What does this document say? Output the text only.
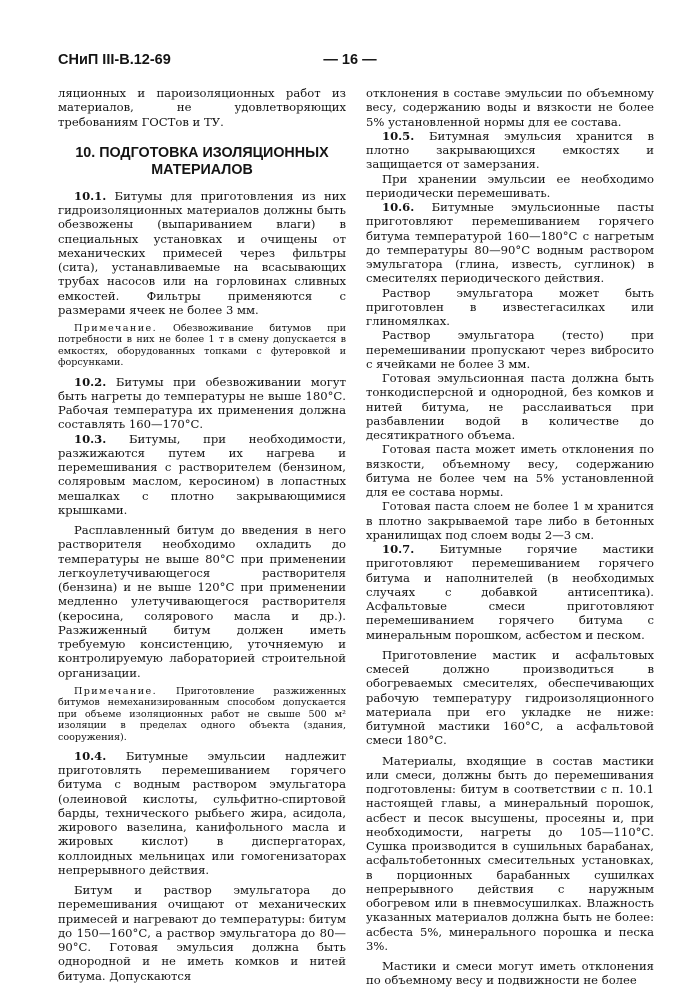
СНиП III-В.12-69	— 16 —

ляционных и пароизоляционных работ из материалов, не удовлетворяющих требованиям ГОСТов и ТУ.

10. ПОДГОТОВКА ИЗОЛЯЦИОННЫХ МАТЕРИАЛОВ

10.1. Битумы для приготовления из них гидроизоляционных материалов должны быть обезвожены (выпариванием влаги) в специальных установках и очищены от механических примесей через фильтры (сита), устанавливаемые на всасывающих трубах насосов или на горловинах сливных емкостей. Фильтры применяются с размерами ячеек не более 3 мм.

Примечание. Обезвоживание битумов при потребности в них не более 1 т в смену допускается в емкостях, оборудованных топками с футеровкой и форсунками.

10.2. Битумы при обезвоживании могут быть нагреты до температуры не выше 180°С. Рабочая температура их применения должна составлять 160—170°С.

10.3. Битумы, при необходимости, разжижаются путем их нагрева и перемешивания с растворителем (бензином, соляровым маслом, керосином) в лопастных мешалках с плотно закрывающимися крышками.

Расплавленный битум до введения в него растворителя необходимо охладить до температуры не выше 80°С при применении легкоулетучивающегося растворителя (бензина) и не выше 120°С при применении медленно улетучивающегося растворителя (керосина, солярового масла и др.). Разжиженный битум должен иметь требуемую консистенцию, уточняемую и контролируемую лабораторией строительной организации.

Примечание. Приготовление разжиженных битумов немеханизированным способом допускается при объеме изоляционных работ не свыше 500 м² изоляции в пределах одного объекта (здания, сооружения).

10.4. Битумные эмульсии надлежит приготовлять перемешиванием горячего битума с водным раствором эмульгатора (олеиновой кислоты, сульфитно-спиртовой барды, технического рыбьего жира, асидола, жирового вазелина, канифольного масла и жировых кислот) в диспергаторах, коллоидных мельницах или гомогенизаторах непрерывного действия.

Битум и раствор эмульгатора до перемешивания очищают от механических примесей и нагревают до температуры: битум до 150—160°С, а раствор эмульгатора до 80—90°С. Готовая эмульсия должна быть однородной и не иметь комков и нитей битума. Допускаются

отклонения в составе эмульсии по объемному весу, содержанию воды и вязкости не более 5% установленной нормы для ее состава.

10.5. Битумная эмульсия хранится в плотно закрывающихся емкостях и защищается от замерзания.

При хранении эмульсии ее необходимо периодически перемешивать.

10.6. Битумные эмульсионные пасты приготовляют перемешиванием горячего битума температурой 160—180°С с нагретым до температуры 80—90°С водным раствором эмульгатора (глина, известь, суглинок) в смесителях периодического действия.

Раствор эмульгатора может быть приготовлен в известегасилках или глиномялках.

Раствор эмульгатора (тесто) при перемешивании пропускают через вибросито с ячейками не более 3 мм.

Готовая эмульсионная паста должна быть тонкодисперсной и однородной, без комков и нитей битума, не расслаиваться при разбавлении водой в количестве до десятикратного объема.

Готовая паста может иметь отклонения по вязкости, объемному весу, содержанию битума не более чем на 5% установленной для ее состава нормы.

Готовая паста слоем не более 1 м хранится в плотно закрываемой таре либо в бетонных хранилищах под слоем воды 2—3 см.

10.7. Битумные горячие мастики приготовляют перемешиванием горячего битума и наполнителей (в необходимых случаях с добавкой антисептика). Асфальтовые смеси приготовляют перемешиванием горячего битума с минеральным порошком, асбестом и песком.

Приготовление мастик и асфальтовых смесей должно производиться в обогреваемых смесителях, обеспечивающих рабочую температуру гидроизоляционного материала при его укладке не ниже: битумной мастики 160°С, а асфальтовой смеси 180°С.

Материалы, входящие в состав мастики или смеси, должны быть до перемешивания подготовлены: битум в соответствии с п. 10.1 настоящей главы, а минеральный порошок, асбест и песок высушены, просеяны и, при необходимости, нагреты до 105—110°С. Сушка производится в сушильных барабанах, асфальтобетонных смесительных установках, в порционных барабанных сушилках непрерывного действия с наружным обогревом или в пневмосушилках. Влажность указанных материалов должна быть не более: асбеста 5%, минерального порошка и песка 3%.

Мастики и смеси могут иметь отклонения по объемному весу и подвижности не более
